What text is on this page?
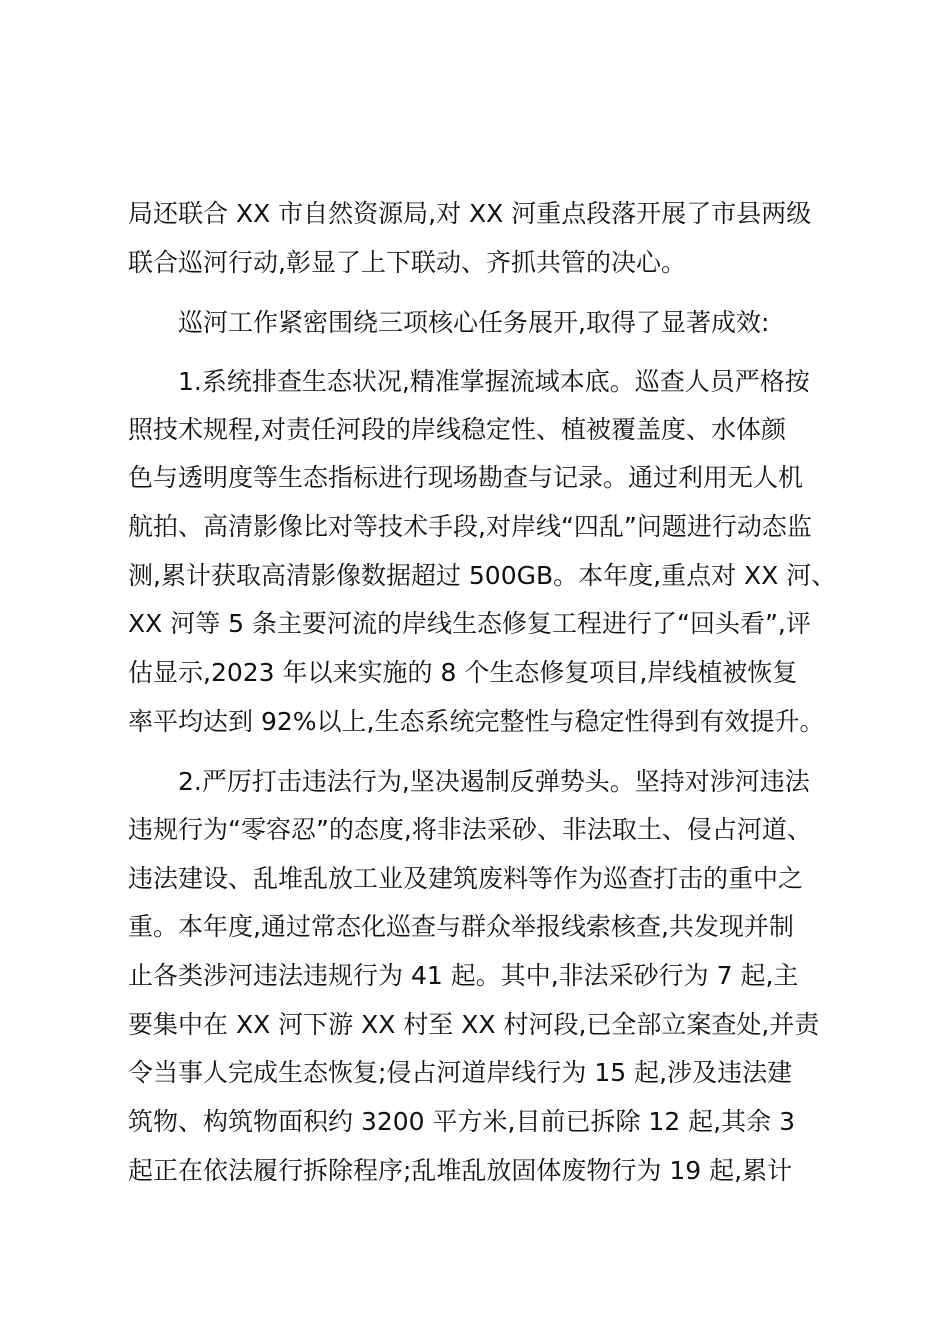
局还联合 XX 市自然资源局,对 XX 河重点段落开展了市县两级
联合巡河行动,彰显了上下联动、齐抓共管的决心。
巡河工作紧密围绕三项核心任务展开,取得了显著成效:
1.系统排查生态状况,精准掌握流域本底。巡查人员严格按
照技术规程,对责任河段的岸线稳定性、植被覆盖度、水体颜
色与透明度等生态指标进行现场勘查与记录。通过利用无人机
航拍、高清影像比对等技术手段,对岸线“四乱”问题进行动态监
测,累计获取高清影像数据超过 500GB。本年度,重点对 XX 河、
XX 河等 5 条主要河流的岸线生态修复工程进行了“回头看”,评
估显示,2023 年以来实施的 8 个生态修复项目,岸线植被恢复
率平均达到 92%以上,生态系统完整性与稳定性得到有效提升。
2.严厉打击违法行为,坚决遏制反弹势头。坚持对涉河违法
违规行为“零容忍”的态度,将非法采砂、非法取土、侵占河道、
违法建设、乱堆乱放工业及建筑废料等作为巡查打击的重中之
重。本年度,通过常态化巡查与群众举报线索核查,共发现并制
止各类涉河违法违规行为 41 起。其中,非法采砂行为 7 起,主
要集中在 XX 河下游 XX 村至 XX 村河段,已全部立案查处,并责
令当事人完成生态恢复;侵占河道岸线行为 15 起,涉及违法建
筑物、构筑物面积约 3200 平方米,目前已拆除 12 起,其余 3
起正在依法履行拆除程序;乱堆乱放固体废物行为 19 起,累计
